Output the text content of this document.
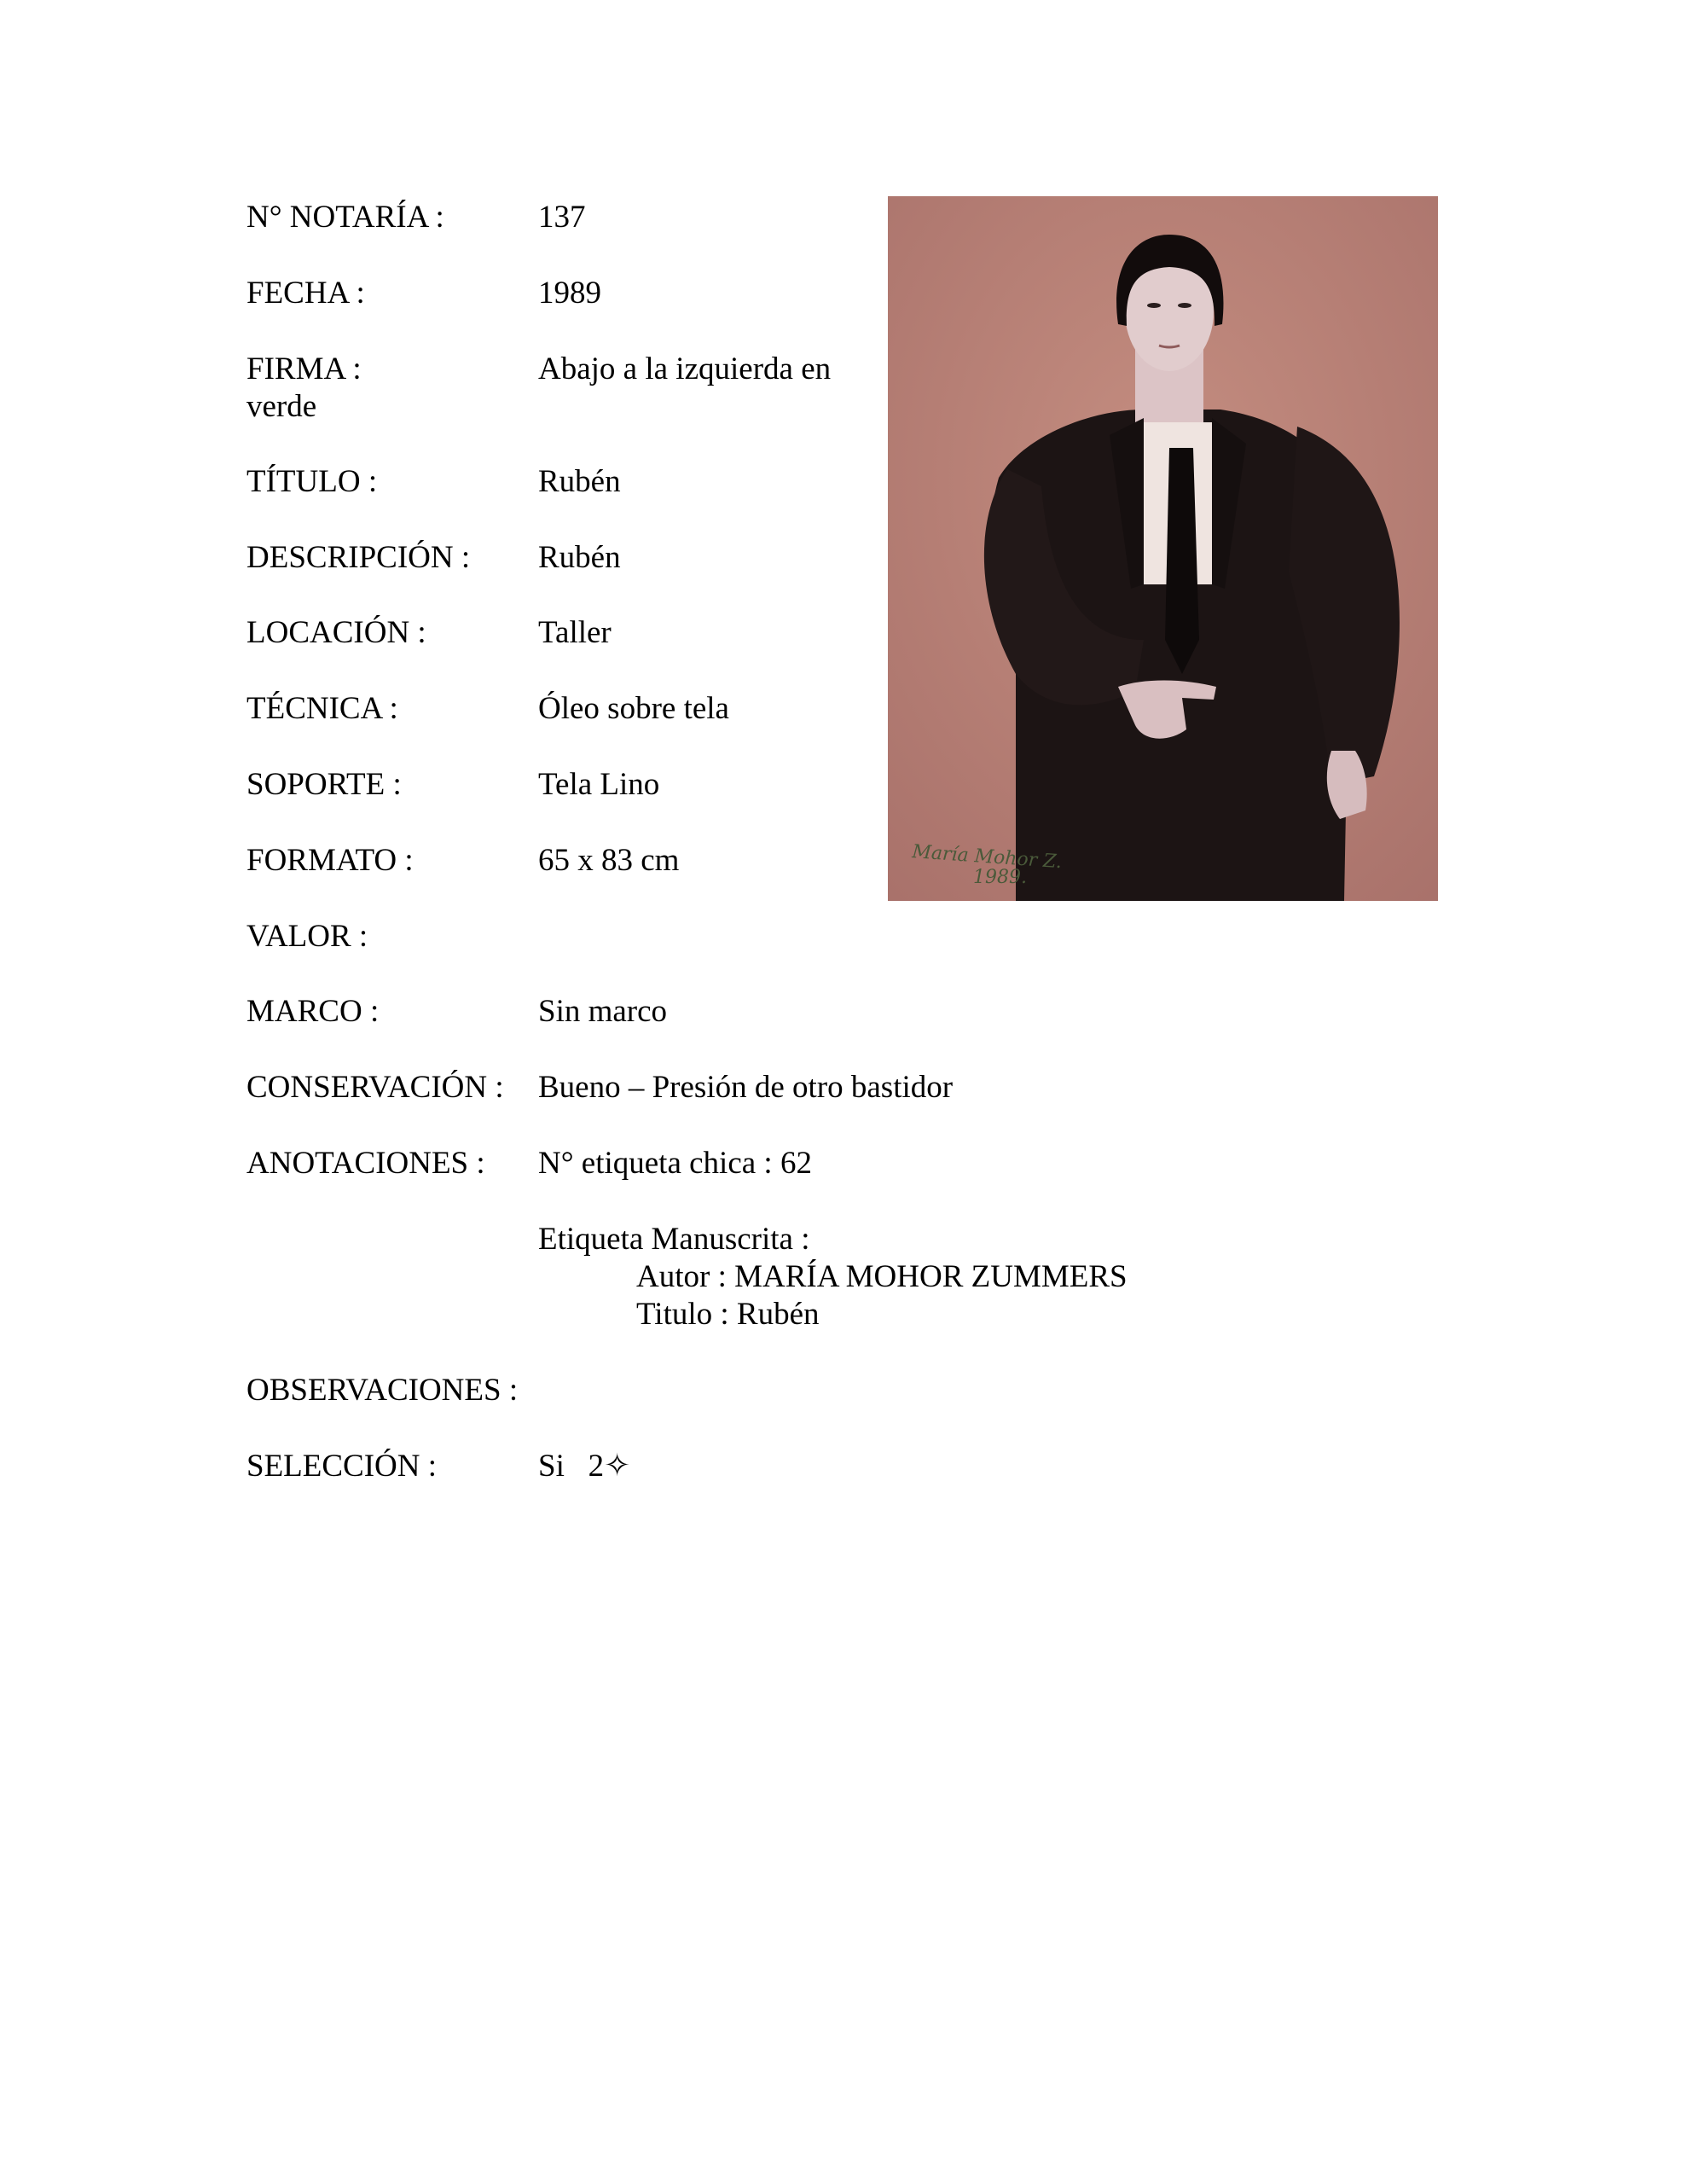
N° NOTARÍA :	137
FECHA :	1989
FIRMA :	Abajo a la izquierda en
verde
TÍTULO :	Rubén
DESCRIPCIÓN : Rubén
LOCACIÓN :	Taller
TÉCNICA :	Óleo sobre tela
SOPORTE :	Tela Lino
FORMATO :	65 x 83 cm
VALOR :
MARCO :	Sin marco
CONSERVACIÓN : Bueno – Presión de otro bastidor
ANOTACIONES : N° etiqueta chica : 62
Etiqueta Manuscrita :
Autor : MARÍA MOHOR ZUMMERS
Titulo : Rubén
OBSERVACIONES :
SELECCIÓN :	Si   2✧
María Mohor Z.
1989.
